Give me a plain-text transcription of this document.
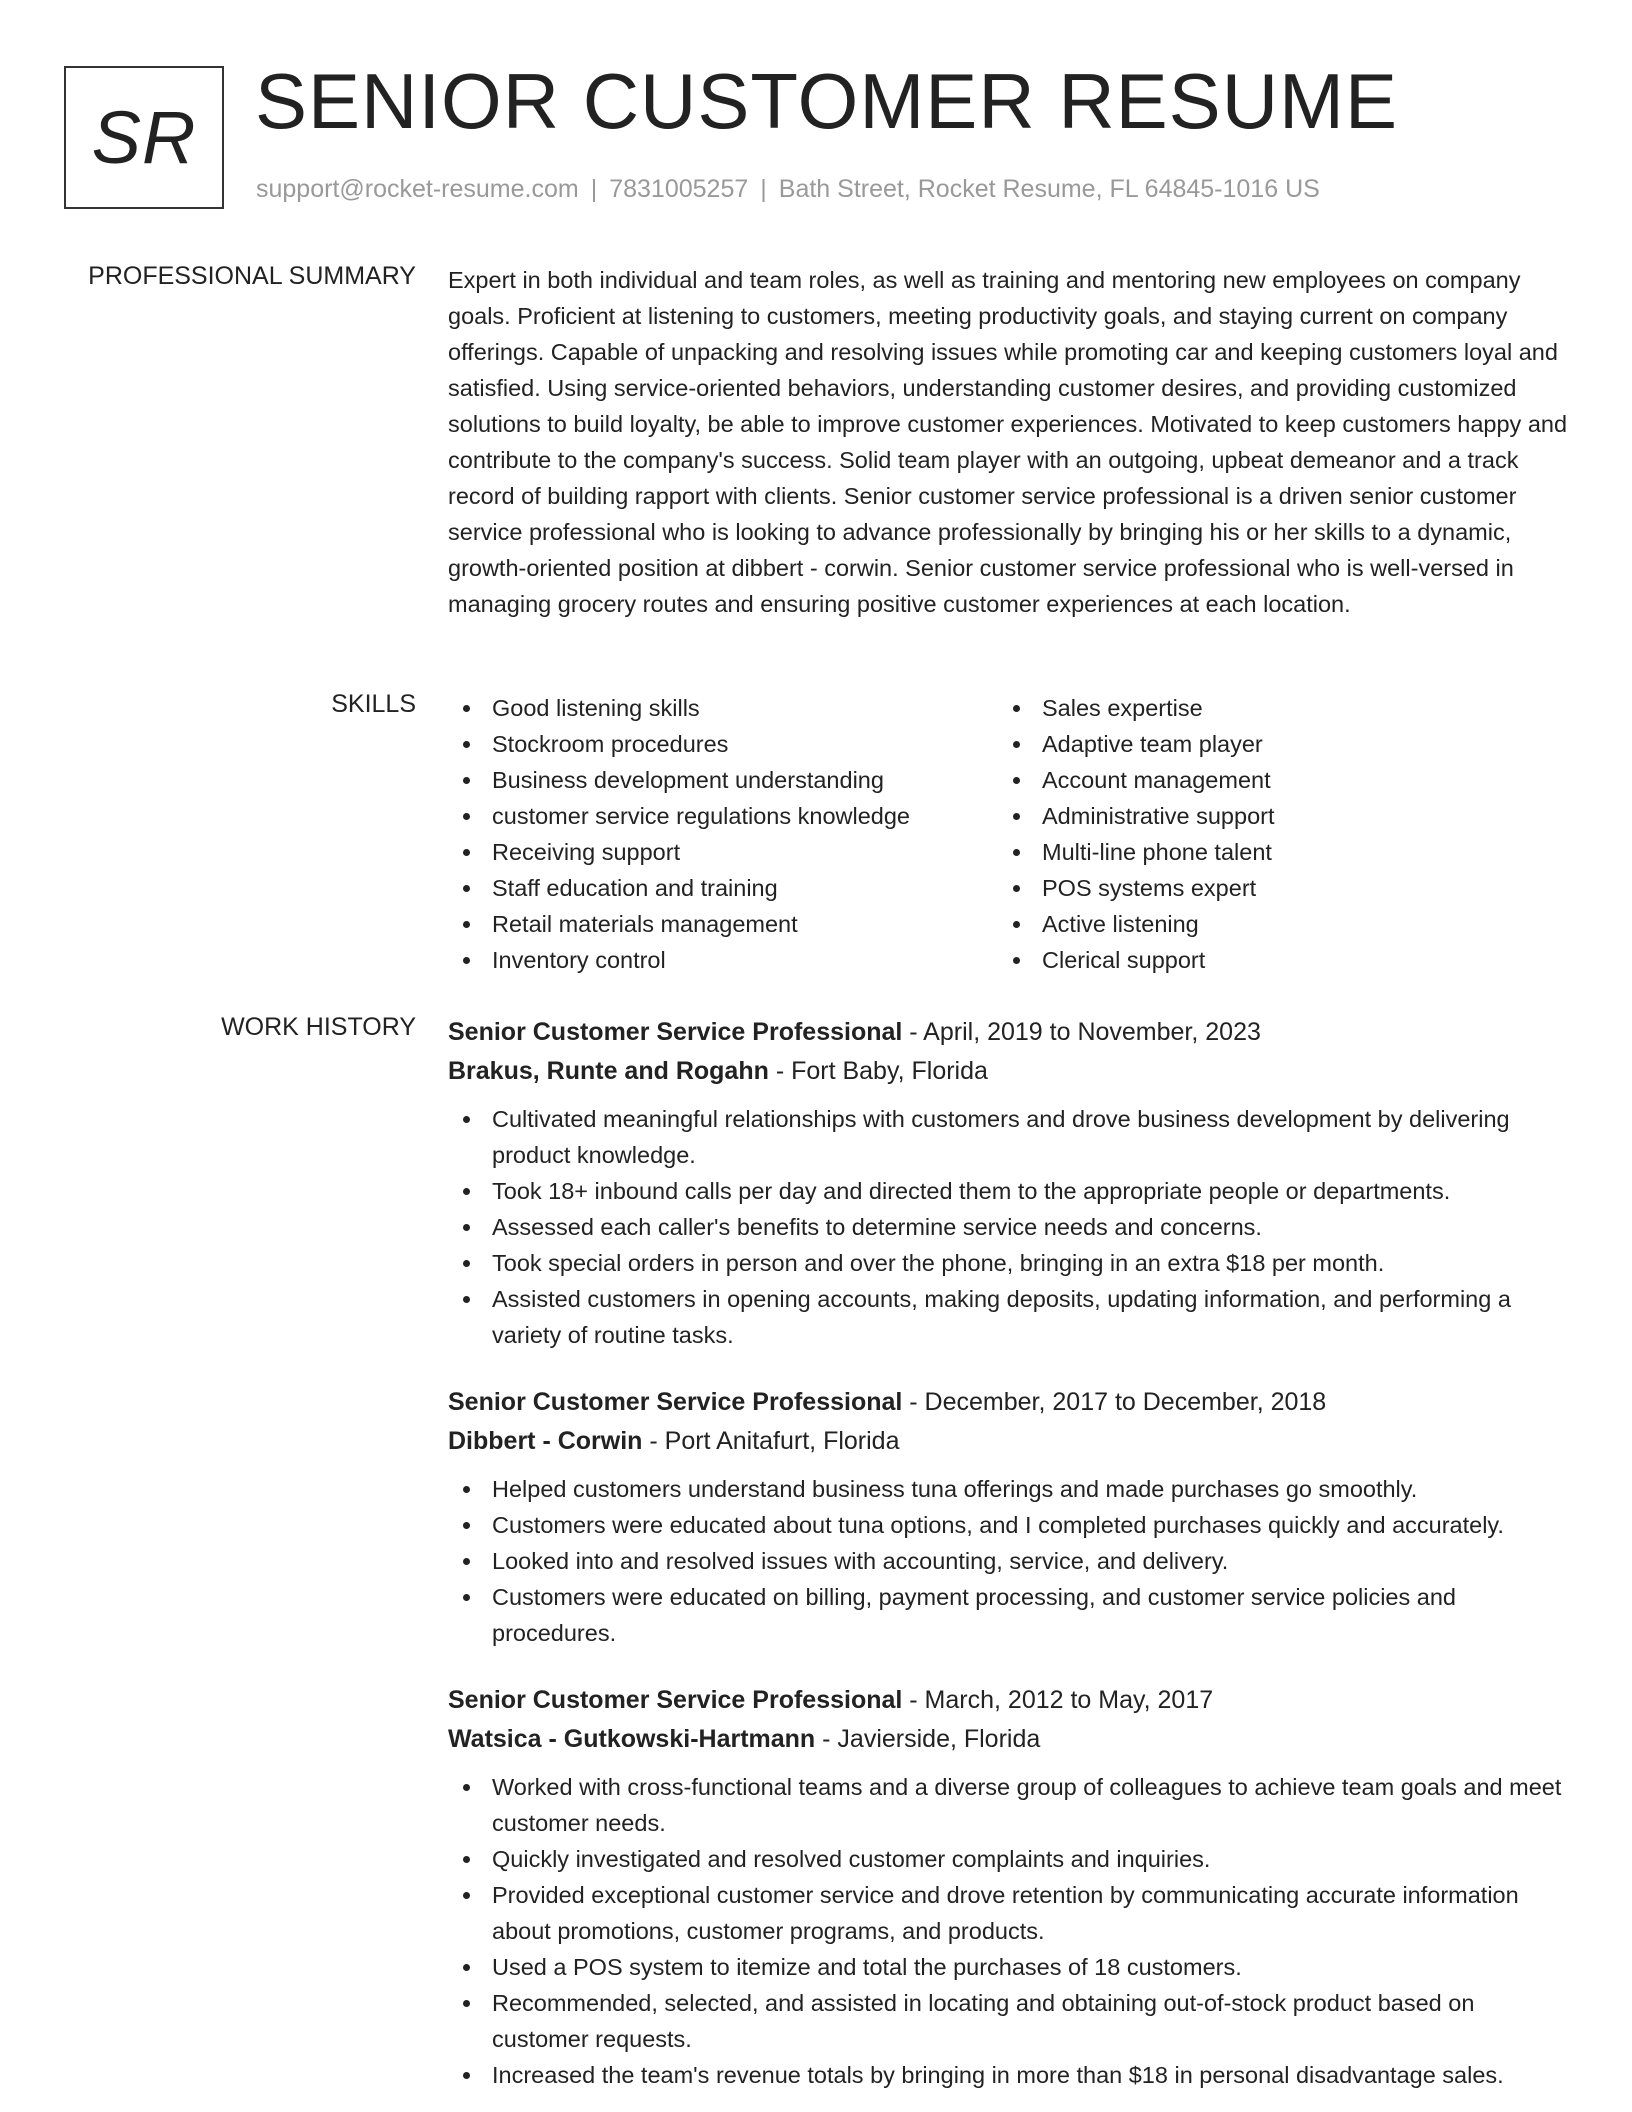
SR SENIOR CUSTOMER RESUME
support@rocket-resume.com | 7831005257 | Bath Street, Rocket Resume, FL 64845-1016 US
PROFESSIONAL SUMMARY Expert in both individual and team roles, as well as training and mentoring new employees on company goals. Proficient at listening to customers, meeting productivity goals, and staying current on company offerings. Capable of unpacking and resolving issues while promoting car and keeping customers loyal and satisfied. Using service-oriented behaviors, understanding customer desires, and providing customized solutions to build loyalty, be able to improve customer experiences. Motivated to keep customers happy and contribute to the company's success. Solid team player with an outgoing, upbeat demeanor and a track record of building rapport with clients. Senior customer service professional is a driven senior customer service professional who is looking to advance professionally by bringing his or her skills to a dynamic, growth-oriented position at dibbert - corwin. Senior customer service professional who is well-versed in managing grocery routes and ensuring positive customer experiences at each location.
SKILLS	Good listening skills
Stockroom procedures
Business development understanding
customer service regulations knowledge
Receiving support
Staff education and training
Retail materials management
Inventory control
Sales expertise
Adaptive team player
Account management
Administrative support
Multi-line phone talent
POS systems expert
Active listening
Clerical support
WORK HISTORY Senior Customer Service Professional - April, 2019 to November, 2023
Brakus, Runte and Rogahn - Fort Baby, Florida
Cultivated meaningful relationships with customers and drove business development by delivering product knowledge.
Took 18+ inbound calls per day and directed them to the appropriate people or departments.
Assessed each caller's benefits to determine service needs and concerns.
Took special orders in person and over the phone, bringing in an extra $18 per month.
Assisted customers in opening accounts, making deposits, updating information, and performing a variety of routine tasks.
Senior Customer Service Professional - December, 2017 to December, 2018
Dibbert - Corwin - Port Anitafurt, Florida
Helped customers understand business tuna offerings and made purchases go smoothly.
Customers were educated about tuna options, and I completed purchases quickly and accurately.
Looked into and resolved issues with accounting, service, and delivery.
Customers were educated on billing, payment processing, and customer service policies and procedures.
Senior Customer Service Professional - March, 2012 to May, 2017
Watsica - Gutkowski-Hartmann - Javierside, Florida
Worked with cross-functional teams and a diverse group of colleagues to achieve team goals and meet customer needs.
Quickly investigated and resolved customer complaints and inquiries.
Provided exceptional customer service and drove retention by communicating accurate information about promotions, customer programs, and products.
Used a POS system to itemize and total the purchases of 18 customers.
Recommended, selected, and assisted in locating and obtaining out-of-stock product based on customer requests.
Increased the team's revenue totals by bringing in more than $18 in personal disadvantage sales.
